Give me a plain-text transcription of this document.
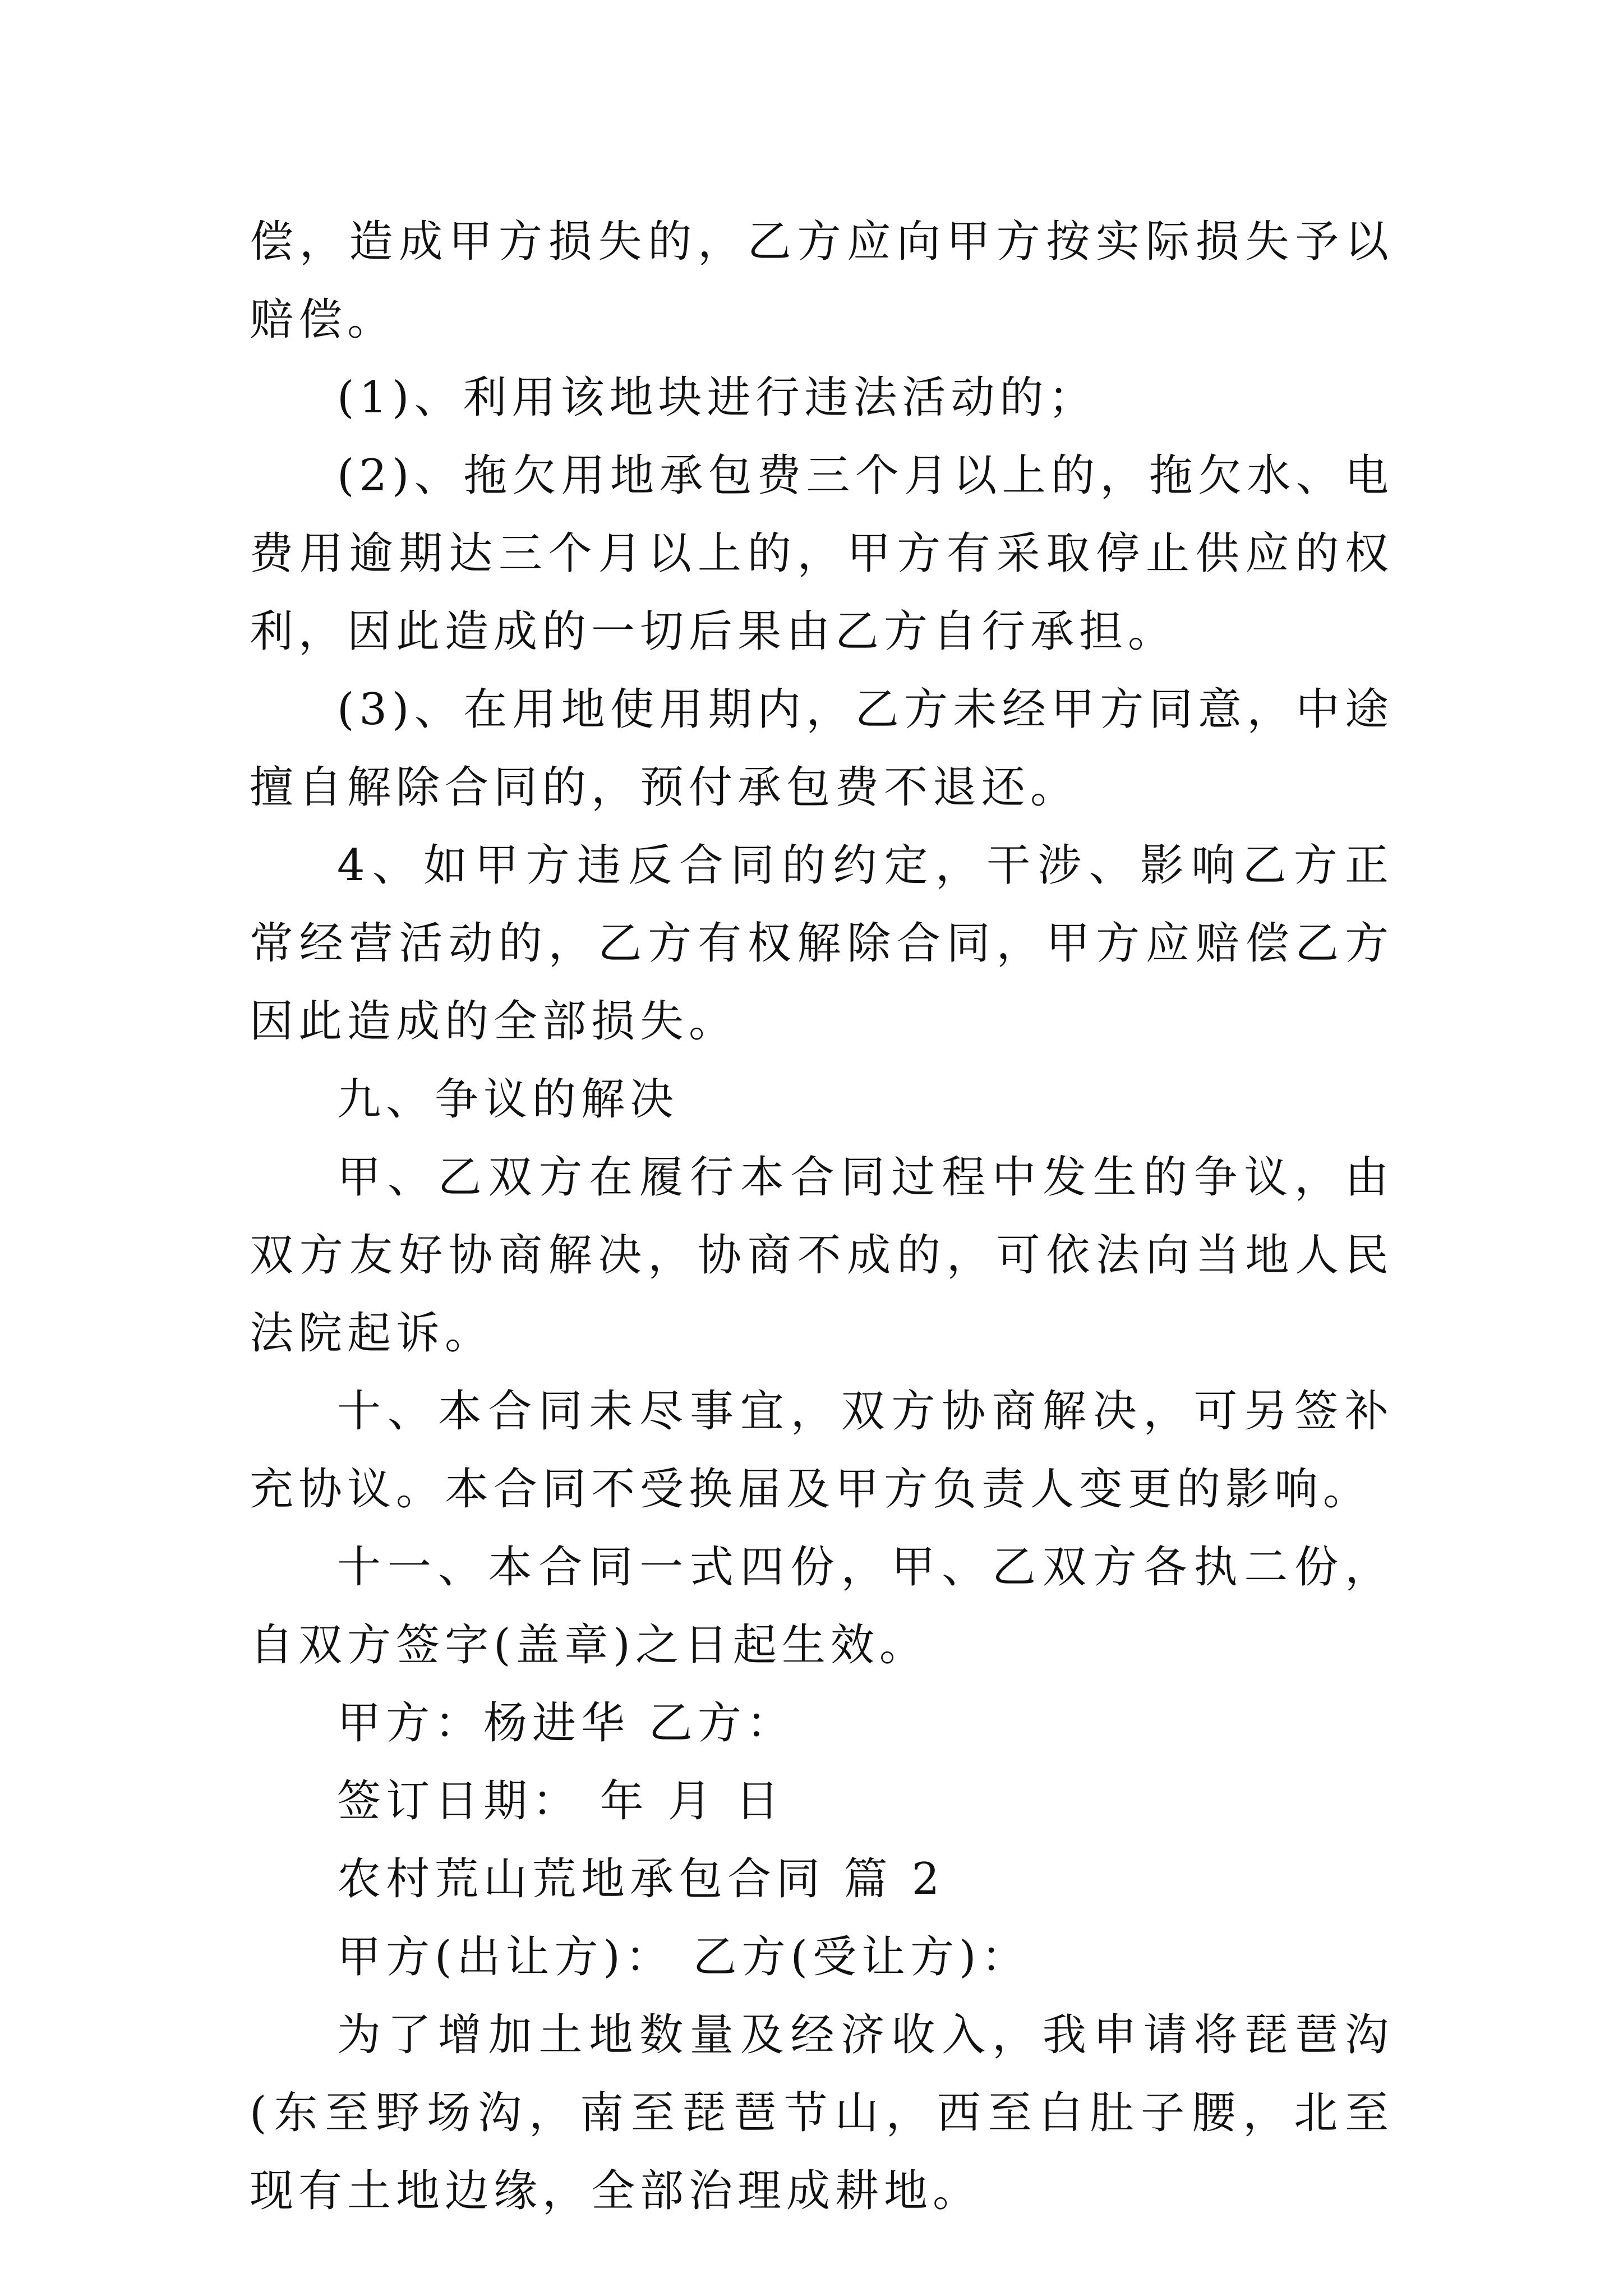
偿，造成甲方损失的，乙方应向甲方按实际损失予以赔偿。

(1)、利用该地块进行违法活动的；

(2)、拖欠用地承包费三个月以上的，拖欠水、电费用逾期达三个月以上的，甲方有采取停止供应的权利，因此造成的一切后果由乙方自行承担。

(3)、在用地使用期内，乙方未经甲方同意，中途擅自解除合同的，预付承包费不退还。

4、如甲方违反合同的约定，干涉、影响乙方正常经营活动的，乙方有权解除合同，甲方应赔偿乙方因此造成的全部损失。

九、争议的解决

甲、乙双方在履行本合同过程中发生的争议，由双方友好协商解决，协商不成的，可依法向当地人民法院起诉。

十、本合同未尽事宜，双方协商解决，可另签补充协议。本合同不受换届及甲方负责人变更的影响。

十一、本合同一式四份，甲、乙双方各执二份，自双方签字(盖章)之日起生效。

甲方：杨进华 乙方：

签订日期： 年 月 日

农村荒山荒地承包合同 篇 2

甲方(出让方)： 乙方(受让方)：

为了增加土地数量及经济收入，我申请将琵琶沟(东至野场沟，南至琵琶节山，西至白肚子腰，北至现有土地边缘，全部治理成耕地。
